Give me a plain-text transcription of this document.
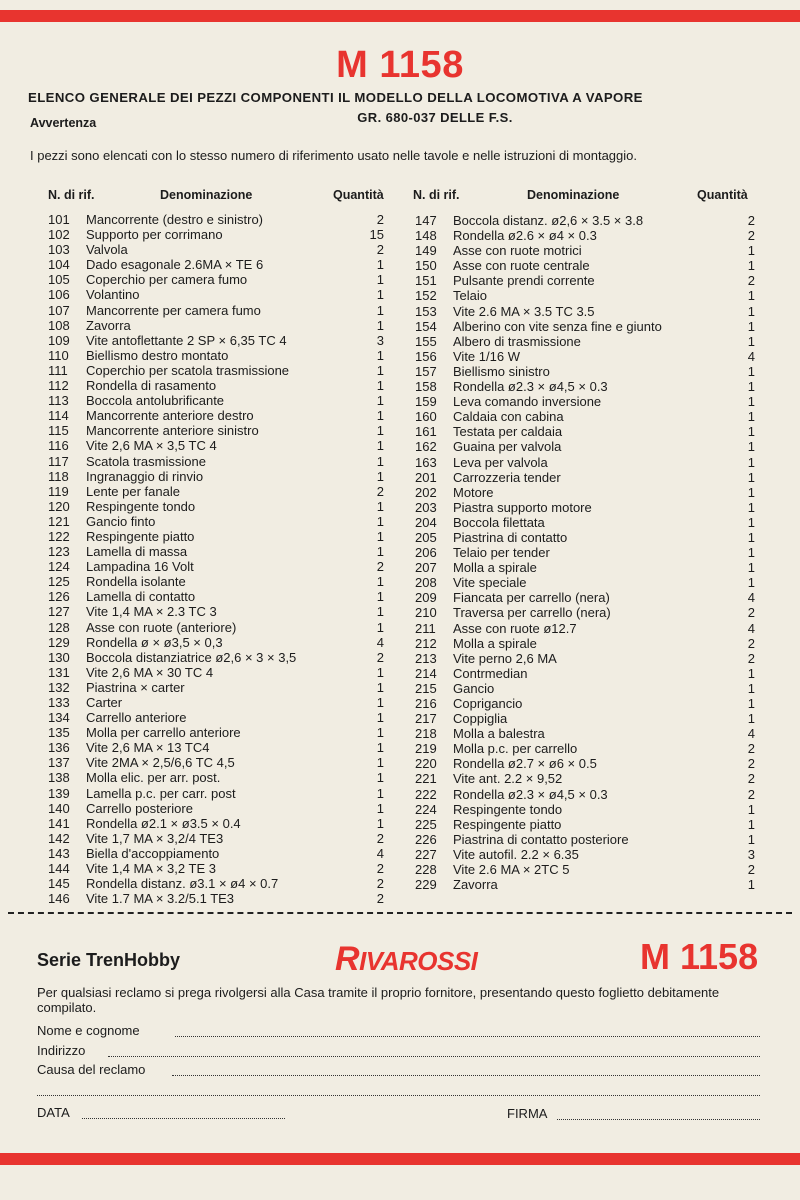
M 1158
ELENCO GENERALE DEI PEZZI COMPONENTI IL MODELLO DELLA LOCOMOTIVA A VAPORE
GR. 680-037 DELLE F.S.
Avvertenza
I pezzi sono elencati con lo stesso numero di riferimento usato nelle tavole e nelle istruzioni di montaggio.
N. di rif.	Denominazione	Quantità N. di rif.	Denominazione	Quantità
101 Mancorrente (destro e sinistro)	2
102 Supporto per corrimano	15
103 Valvola	2
104 Dado esagonale 2.6MA × TE 6	1
105 Coperchio per camera fumo	1
106 Volantino	1
107 Mancorrente per camera fumo	1
108 Zavorra	1
109 Vite antoflettante 2 SP × 6,35 TC 4	3
110 Biellismo destro montato	1
111 Coperchio per scatola trasmissione	1
112 Rondella di rasamento	1
113 Boccola antolubrificante	1
114 Mancorrente anteriore destro	1
115 Mancorrente anteriore sinistro	1
116 Vite 2,6 MA × 3,5 TC 4	1
117 Scatola trasmissione	1
118 Ingranaggio di rinvio	1
119 Lente per fanale	2
120 Respingente tondo	1
121 Gancio finto	1
122 Respingente piatto	1
123 Lamella di massa	1
124 Lampadina 16 Volt	2
125 Rondella isolante	1
126 Lamella di contatto	1
127 Vite 1,4 MA × 2.3 TC 3	1
128 Asse con ruote (anteriore)	1
129 Rondella ø × ø3,5 × 0,3	4
130 Boccola distanziatrice ø2,6 × 3 × 3,5	2
131 Vite 2,6 MA × 30 TC 4	1
132 Piastrina × carter	1
133 Carter	1
134 Carrello anteriore	1
135 Molla per carrello anteriore	1
136 Vite 2,6 MA × 13 TC4	1
137 Vite 2MA × 2,5/6,6 TC 4,5	1
138 Molla elic. per arr. post.	1
139 Lamella p.c. per carr. post	1
140 Carrello posteriore	1
141 Rondella ø2.1 × ø3.5 × 0.4	1
142 Vite 1,7 MA × 3,2/4 TE3	2
143 Biella d'accoppiamento	4
144 Vite 1,4 MA × 3,2 TE 3	2
145 Rondella distanz. ø3.1 × ø4 × 0.7	2
146 Vite 1.7 MA × 3.2/5.1 TE3	2
147 Boccola distanz. ø2,6 × 3.5 × 3.8	2
148 Rondella ø2.6 × ø4 × 0.3	2
149 Asse con ruote motrici	1
150 Asse con ruote centrale	1
151 Pulsante prendi corrente	2
152 Telaio	1
153 Vite 2.6 MA × 3.5 TC 3.5	1
154 Alberino con vite senza fine e giunto	1
155 Albero di trasmissione	1
156 Vite 1/16 W	4
157 Biellismo sinistro	1
158 Rondella ø2.3 × ø4,5 × 0.3	1
159 Leva comando inversione	1
160 Caldaia con cabina	1
161 Testata per caldaia	1
162 Guaina per valvola	1
163 Leva per valvola	1
201 Carrozzeria tender	1
202 Motore	1
203 Piastra supporto motore	1
204 Boccola filettata	1
205 Piastrina di contatto	1
206 Telaio per tender	1
207 Molla a spirale	1
208 Vite speciale	1
209 Fiancata per carrello (nera)	4
210 Traversa per carrello (nera)	2
211 Asse con ruote ø12.7	4
212 Molla a spirale	2
213 Vite perno 2,6 MA	2
214 Contrmedian	1
215 Gancio	1
216 Coprigancio	1
217 Coppiglia	1
218 Molla a balestra	4
219 Molla p.c. per carrello	2
220 Rondella ø2.7 × ø6 × 0.5	2
221 Vite ant. 2.2 × 9,52	2
222 Rondella ø2.3 × ø4,5 × 0.3	2
224 Respingente tondo	1
225 Respingente piatto	1
226 Piastrina di contatto posteriore	1
227 Vite autofil. 2.2 × 6.35	3
228 Vite 2.6 MA × 2TC 5	2
229 Zavorra	1
Serie TrenHobby	RIVAROSSI	M 1158
Per qualsiasi reclamo si prega rivolgersi alla Casa tramite il proprio fornitore, presentando questo foglietto debitamente compilato.
Nome e cognome
Indirizzo
Causa del reclamo
DATA	FIRMA
